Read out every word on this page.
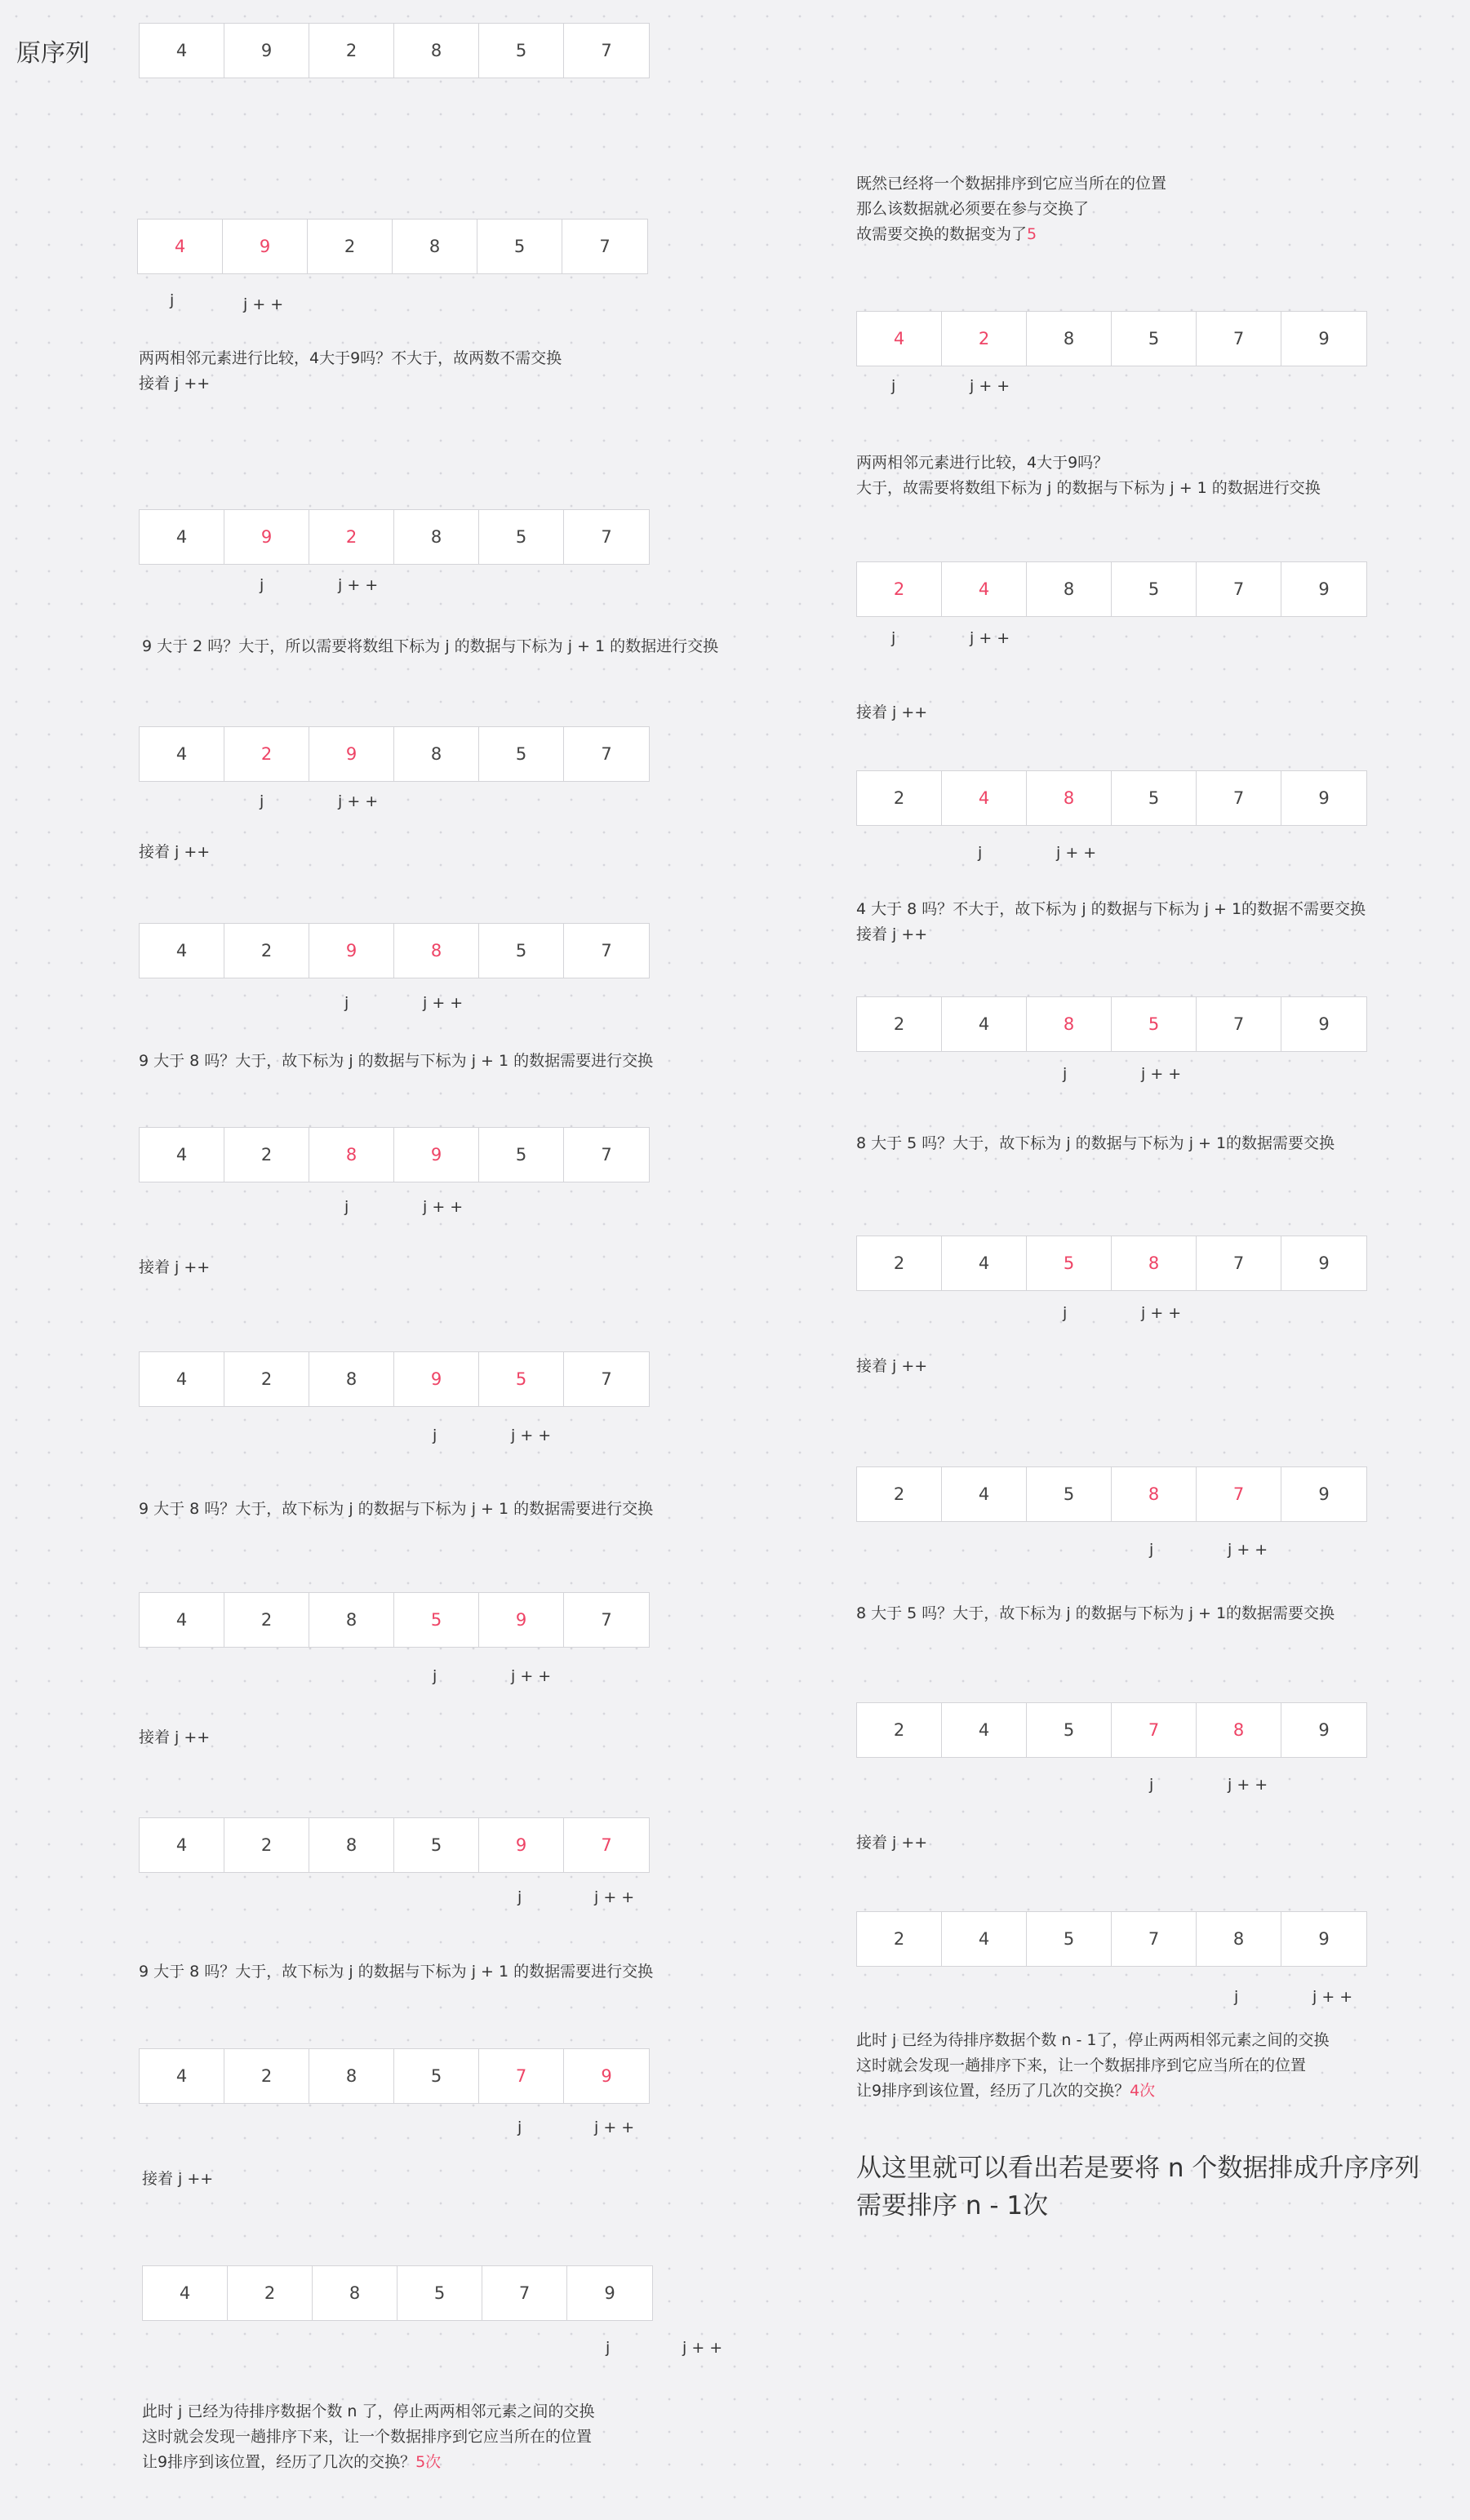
原序列	4	9	2	8	5	7
4	9	2	8	5	7
4	9	2	8	5	7
4	2	9	8	5	7
4	2	9	8	5	7
4	2	8	9	5	7
4	2	8	9	5	7
4	2	8	5	9	7
4	2	8	5	9	7
4	2	8	5	7	9
4	2	8	5	7	9
4	2	8	5	7	9
2	4	8	5	7	9
2	4	8	5	7	9
2	4	8	5	7	9
2	4	5	8	7	9
2	4	5	8	7	9
2	4	5	7	8	9
2	4	5	7	8	9
j	j + +
j	j + +
j	j + +
j	j + +
j	j + +
j	j + +
j	j + +
j	j + +
j	j + +
j	j + +
j	j + +
j	j + +
j	j + +
j	j + +
j	j + +
j	j + +
j	j + +
j	j + +
两两相邻元素进行比较，4大于9吗？不大于，故两数不需交换
接着 j ++
9 大于 2 吗？大于，所以需要将数组下标为 j 的数据与下标为 j + 1 的数据进行交换
接着 j ++
9 大于 8 吗？大于，故下标为 j 的数据与下标为 j + 1 的数据需要进行交换
接着 j ++
9 大于 8 吗？大于，故下标为 j 的数据与下标为 j + 1 的数据需要进行交换
接着 j ++
9 大于 8 吗？大于，故下标为 j 的数据与下标为 j + 1 的数据需要进行交换
接着 j ++
此时 j 已经为待排序数据个数 n 了，停止两两相邻元素之间的交换
这时就会发现一趟排序下来，让一个数据排序到它应当所在的位置
让9排序到该位置，经历了几次的交换？5次
既然已经将一个数据排序到它应当所在的位置
那么该数据就必须要在参与交换了
故需要交换的数据变为了5
两两相邻元素进行比较，4大于9吗？
大于，故需要将数组下标为 j 的数据与下标为 j + 1 的数据进行交换
接着 j ++
4 大于 8 吗？不大于，故下标为 j 的数据与下标为 j + 1的数据不需要交换
接着 j ++
8 大于 5 吗？大于，故下标为 j 的数据与下标为 j + 1的数据需要交换
接着 j ++
8 大于 5 吗？大于，故下标为 j 的数据与下标为 j + 1的数据需要交换
接着 j ++
此时 j 已经为待排序数据个数 n - 1了，停止两两相邻元素之间的交换
这时就会发现一趟排序下来，让一个数据排序到它应当所在的位置
让9排序到该位置，经历了几次的交换？4次
从这里就可以看出若是要将 n 个数据排成升序序列
需要排序 n - 1次
